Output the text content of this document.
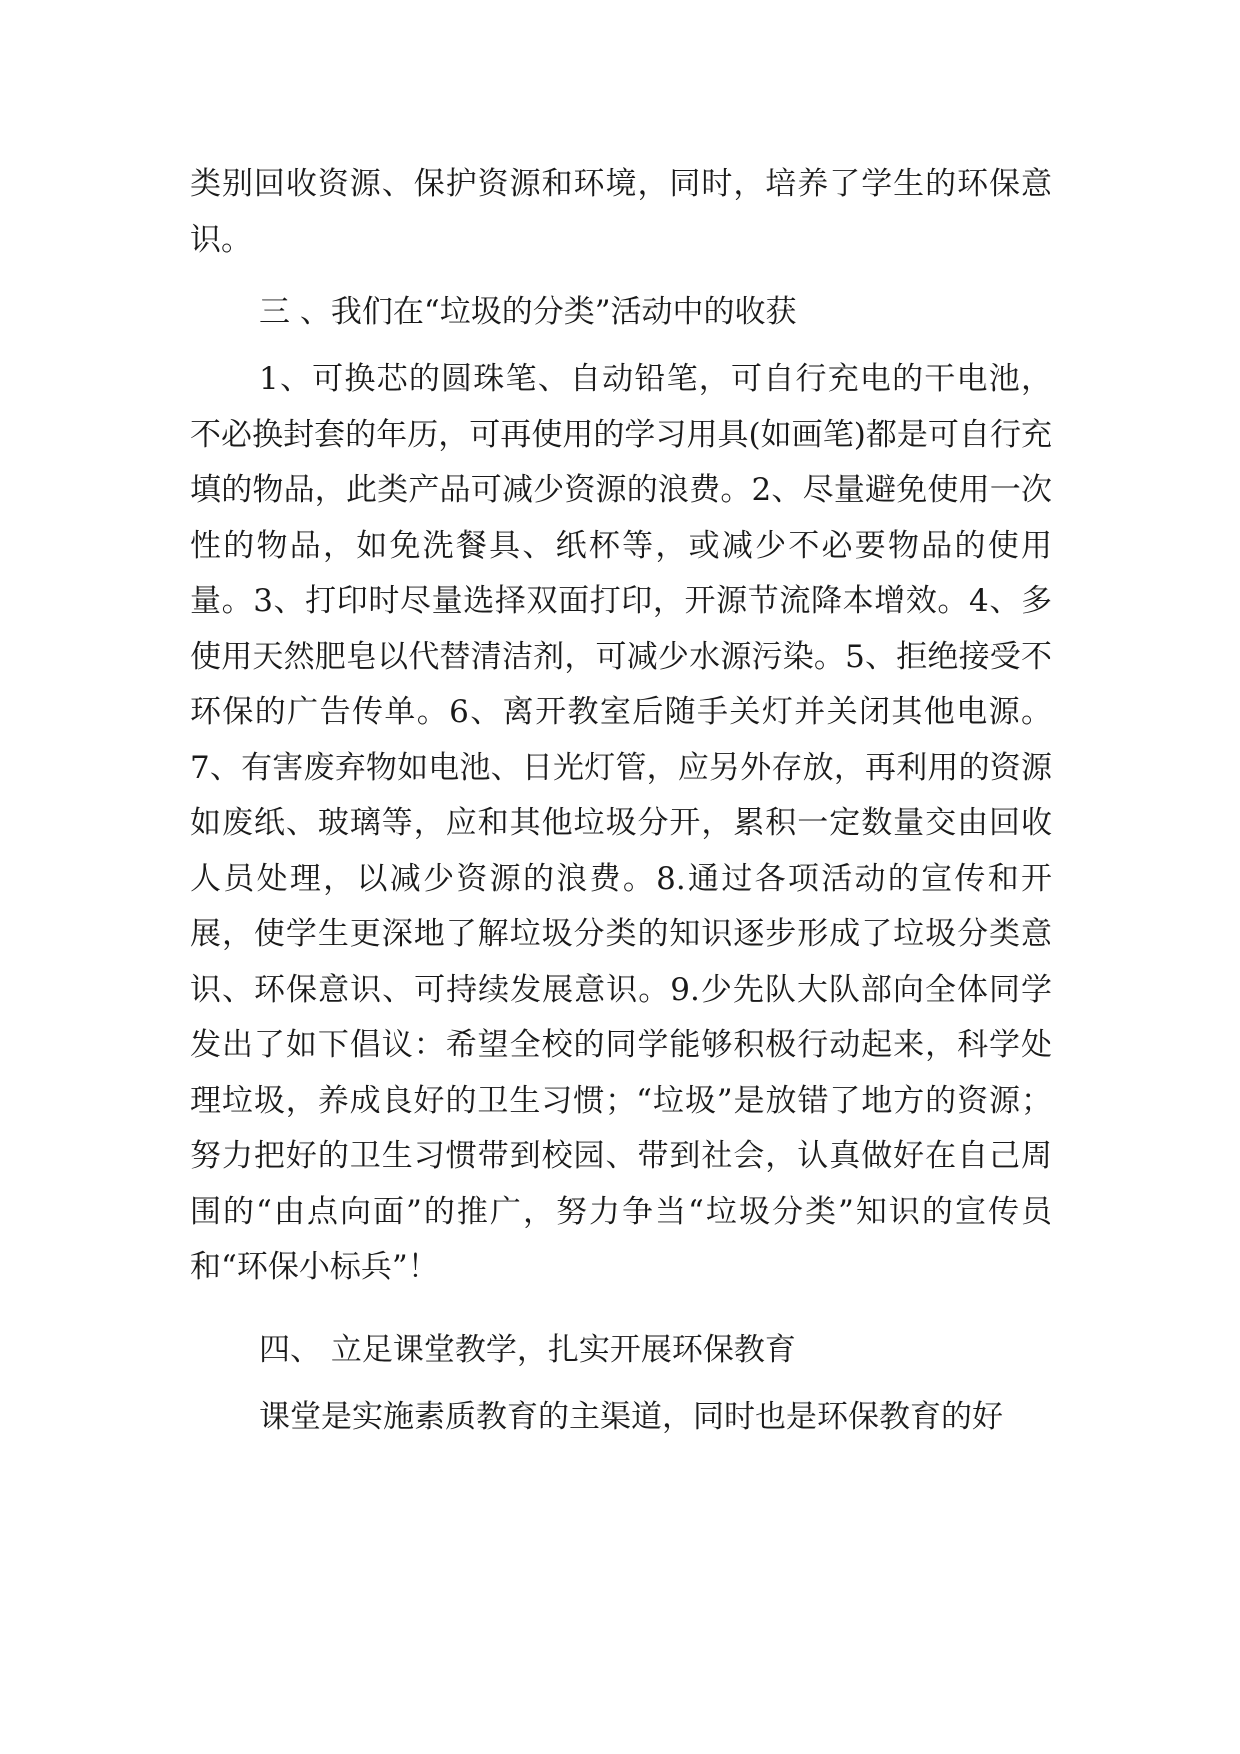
类别回收资源、保护资源和环境，同时，培养了学生的环保意识。
三 、我们在“垃圾的分类”活动中的收获
1、可换芯的圆珠笔、自动铅笔，可自行充电的干电池，不必换封套的年历，可再使用的学习用具(如画笔)都是可自行充填的物品，此类产品可减少资源的浪费。2、尽量避免使用一次性的物品，如免洗餐具、纸杯等，或减少不必要物品的使用量。3、打印时尽量选择双面打印，开源节流降本增效。4、多使用天然肥皂以代替清洁剂，可减少水源污染。5、拒绝接受不环保的广告传单。6、离开教室后随手关灯并关闭其他电源。7、有害废弃物如电池、日光灯管，应另外存放，再利用的资源如废纸、玻璃等，应和其他垃圾分开，累积一定数量交由回收人员处理，以减少资源的浪费。8.通过各项活动的宣传和开展，使学生更深地了解垃圾分类的知识逐步形成了垃圾分类意识、环保意识、可持续发展意识。9.少先队大队部向全体同学发出了如下倡议：希望全校的同学能够积极行动起来，科学处理垃圾，养成良好的卫生习惯；“垃圾”是放错了地方的资源；努力把好的卫生习惯带到校园、带到社会，认真做好在自己周围的“由点向面”的推广，努力争当“垃圾分类”知识的宣传员和“环保小标兵”！
四、 立足课堂教学，扎实开展环保教育
课堂是实施素质教育的主渠道，同时也是环保教育的好
